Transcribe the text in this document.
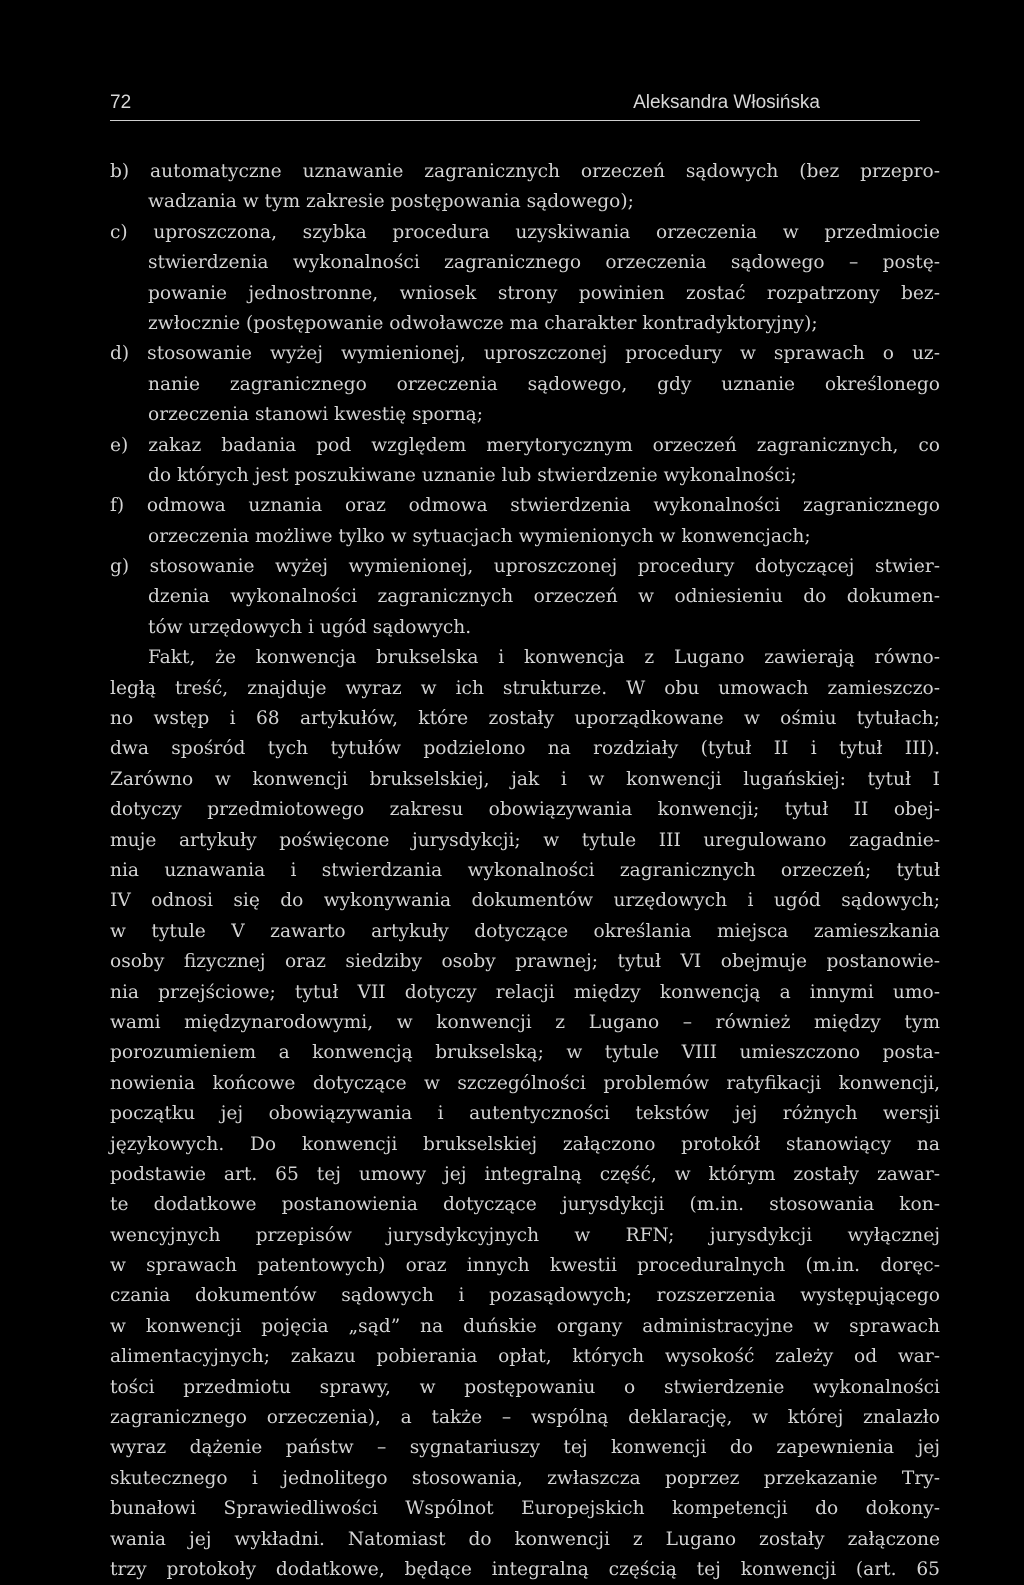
72	Aleksandra Włosińska
b) automatyczne uznawanie zagranicznych orzeczeń sądowych (bez przepro-
wadzania w tym zakresie postępowania sądowego);
c) uproszczona, szybka procedura uzyskiwania orzeczenia w przedmiocie
stwierdzenia wykonalności zagranicznego orzeczenia sądowego – postę-
powanie jednostronne, wniosek strony powinien zostać rozpatrzony bez-
zwłocznie (postępowanie odwoławcze ma charakter kontradyktoryjny);
d) stosowanie wyżej wymienionej, uproszczonej procedury w sprawach o uz-
nanie zagranicznego orzeczenia sądowego, gdy uznanie określonego
orzeczenia stanowi kwestię sporną;
e) zakaz badania pod względem merytorycznym orzeczeń zagranicznych, co
do których jest poszukiwane uznanie lub stwierdzenie wykonalności;
f) odmowa uznania oraz odmowa stwierdzenia wykonalności zagranicznego
orzeczenia możliwe tylko w sytuacjach wymienionych w konwencjach;
g) stosowanie wyżej wymienionej, uproszczonej procedury dotyczącej stwier-
dzenia wykonalności zagranicznych orzeczeń w odniesieniu do dokumen-
tów urzędowych i ugód sądowych.
Fakt, że konwencja brukselska i konwencja z Lugano zawierają równo-
ległą treść, znajduje wyraz w ich strukturze. W obu umowach zamieszczo-
no wstęp i 68 artykułów, które zostały uporządkowane w ośmiu tytułach;
dwa spośród tych tytułów podzielono na rozdziały (tytuł II i tytuł III).
Zarówno w konwencji brukselskiej, jak i w konwencji lugańskiej: tytuł I
dotyczy przedmiotowego zakresu obowiązywania konwencji; tytuł II obej-
muje artykuły poświęcone jurysdykcji; w tytule III uregulowano zagadnie-
nia uznawania i stwierdzania wykonalności zagranicznych orzeczeń; tytuł
IV odnosi się do wykonywania dokumentów urzędowych i ugód sądowych;
w tytule V zawarto artykuły dotyczące określania miejsca zamieszkania
osoby fizycznej oraz siedziby osoby prawnej; tytuł VI obejmuje postanowie-
nia przejściowe; tytuł VII dotyczy relacji między konwencją a innymi umo-
wami międzynarodowymi, w konwencji z Lugano – również między tym
porozumieniem a konwencją brukselską; w tytule VIII umieszczono posta-
nowienia końcowe dotyczące w szczególności problemów ratyfikacji konwencji,
początku jej obowiązywania i autentyczności tekstów jej różnych wersji
językowych. Do konwencji brukselskiej załączono protokół stanowiący na
podstawie art. 65 tej umowy jej integralną część, w którym zostały zawar-
te dodatkowe postanowienia dotyczące jurysdykcji (m.in. stosowania kon-
wencyjnych przepisów jurysdykcyjnych w RFN; jurysdykcji wyłącznej
w sprawach patentowych) oraz innych kwestii proceduralnych (m.in. doręc-
czania dokumentów sądowych i pozasądowych; rozszerzenia występującego
w konwencji pojęcia „sąd” na duńskie organy administracyjne w sprawach
alimentacyjnych; zakazu pobierania opłat, których wysokość zależy od war-
tości przedmiotu sprawy, w postępowaniu o stwierdzenie wykonalności
zagranicznego orzeczenia), a także – wspólną deklarację, w której znalazło
wyraz dążenie państw – sygnatariuszy tej konwencji do zapewnienia jej
skutecznego i jednolitego stosowania, zwłaszcza poprzez przekazanie Try-
bunałowi Sprawiedliwości Wspólnot Europejskich kompetencji do dokony-
wania jej wykładni. Natomiast do konwencji z Lugano zostały załączone
trzy protokoły dodatkowe, będące integralną częścią tej konwencji (art. 65
